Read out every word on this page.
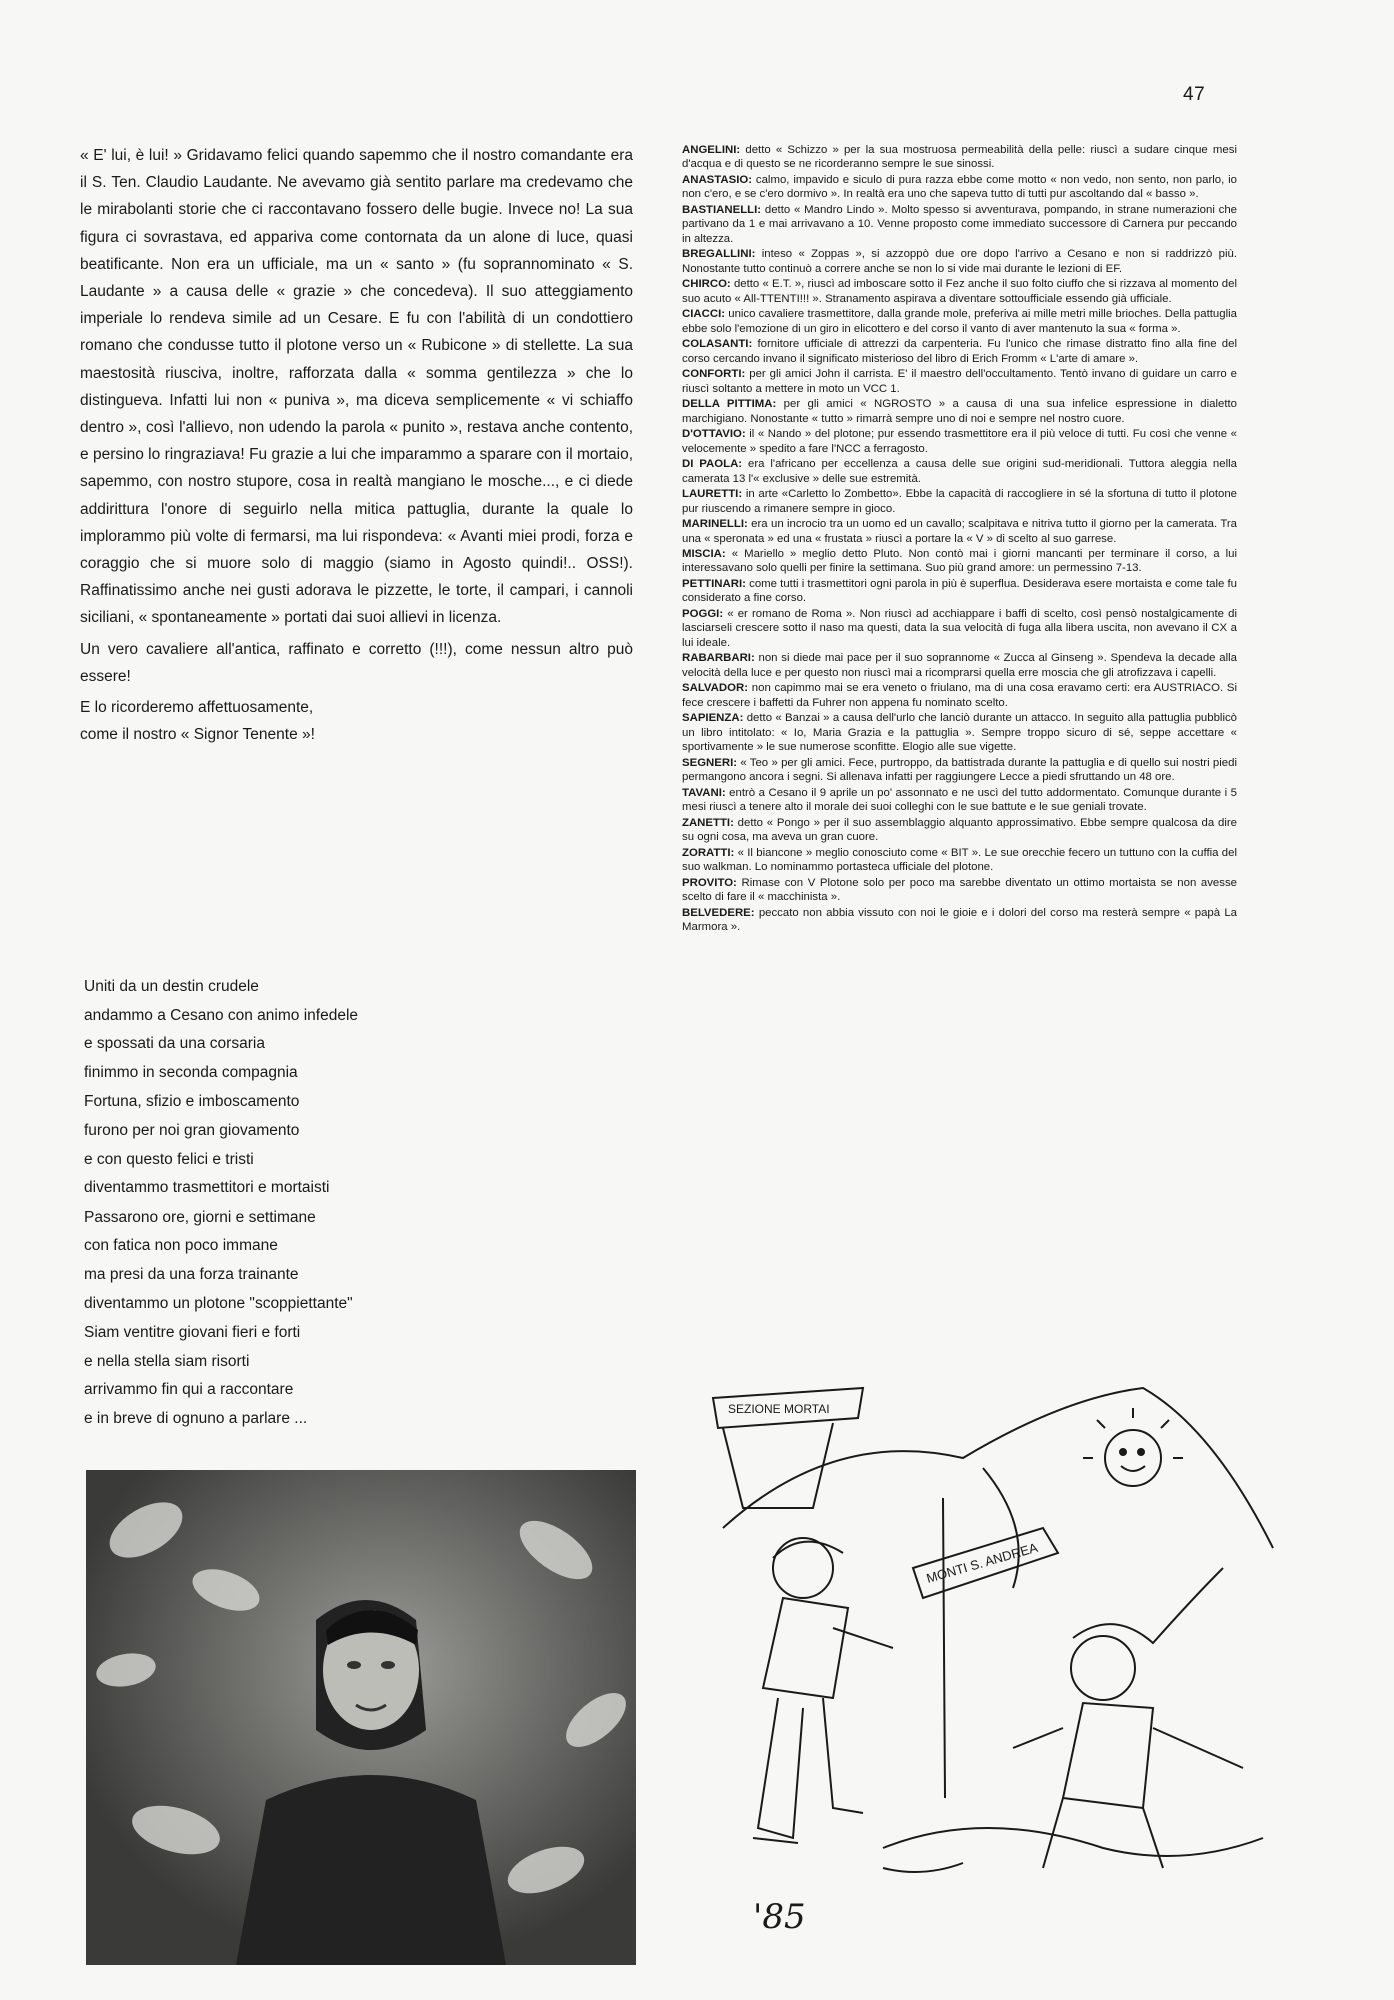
47

« E' lui, è lui! » Gridavamo felici quando sapemmo che il nostro comandante era il S. Ten. Claudio Laudante. Ne avevamo già sentito parlare ma credevamo che le mirabolanti storie che ci raccontavano fossero delle bugie. Invece no! La sua figura ci sovrastava, ed appariva come contornata da un alone di luce, quasi beatificante. Non era un ufficiale, ma un « santo » (fu soprannominato « S. Laudante » a causa delle « grazie » che concedeva). Il suo atteggiamento imperiale lo rendeva simile ad un Cesare. E fu con l'abilità di un condottiero romano che condusse tutto il plotone verso un « Rubicone » di stellette. La sua maestosità riusciva, inoltre, rafforzata dalla « somma gentilezza » che lo distingueva. Infatti lui non « puniva », ma diceva semplicemente « vi schiaffo dentro », così l'allievo, non udendo la parola « punito », restava anche contento, e persino lo ringraziava! Fu grazie a lui che imparammo a sparare con il mortaio, sapemmo, con nostro stupore, cosa in realtà mangiano le mosche..., e ci diede addirittura l'onore di seguirlo nella mitica pattuglia, durante la quale lo implorammo più volte di fermarsi, ma lui rispondeva: « Avanti miei prodi, forza e coraggio che si muore solo di maggio (siamo in Agosto quindi!.. OSS!). Raffinatissimo anche nei gusti adorava le pizzette, le torte, il campari, i cannoli siciliani, « spontaneamente » portati dai suoi allievi in licenza.

Un vero cavaliere all'antica, raffinato e corretto (!!!), come nessun altro può essere!

E lo ricorderemo affettuosamente,

come il nostro « Signor Tenente »!

Uniti da un destin crudele
andammo a Cesano con animo infedele
e spossati da una corsaria
finimmo in seconda compagnia
Fortuna, sfizio e imboscamento
furono per noi gran giovamento
e con questo felici e tristi
diventammo trasmettitori e mortaisti
Passarono ore, giorni e settimane
con fatica non poco immane
ma presi da una forza trainante
diventammo un plotone "scoppiettante"
Siam ventitre giovani fieri e forti
e nella stella siam risorti
arrivammo fin qui a raccontare
e in breve di ognuno a parlare ...
ANGELINI: detto « Schizzo » per la sua mostruosa permeabilità della pelle: riuscì a sudare cinque mesi d'acqua e di questo se ne ricorderanno sempre le sue sinossi.
ANASTASIO: calmo, impavido e siculo di pura razza ebbe come motto « non vedo, non sento, non parlo, io non c'ero, e se c'ero dormivo ». In realtà era uno che sapeva tutto di tutti pur ascoltando dal « basso ».
BASTIANELLI: detto « Mandro Lindo ». Molto spesso si avventurava, pompando, in strane numerazioni che partivano da 1 e mai arrivavano a 10. Venne proposto come immediato successore di Carnera pur peccando in altezza.
BREGALLINI: inteso « Zoppas », si azzoppò due ore dopo l'arrivo a Cesano e non si raddrizzò più. Nonostante tutto continuò a correre anche se non lo si vide mai durante le lezioni di EF.
CHIRCO: detto « E.T. », riuscì ad imboscare sotto il Fez anche il suo folto ciuffo che si rizzava al momento del suo acuto « All-TTENTI!!! ». Stranamento aspirava a diventare sottoufficiale essendo già ufficiale.
CIACCI: unico cavaliere trasmettitore, dalla grande mole, preferiva ai mille metri mille brioches. Della pattuglia ebbe solo l'emozione di un giro in elicottero e del corso il vanto di aver mantenuto la sua « forma ».
COLASANTI: fornitore ufficiale di attrezzi da carpenteria. Fu l'unico che rimase distratto fino alla fine del corso cercando invano il significato misterioso del libro di Erich Fromm « L'arte di amare ».
CONFORTI: per gli amici John il carrista. E' il maestro dell'occultamento. Tentò invano di guidare un carro e riuscì soltanto a mettere in moto un VCC 1.
DELLA PITTIMA: per gli amici « NGROSTO » a causa di una sua infelice espressione in dialetto marchigiano. Nonostante « tutto » rimarrà sempre uno di noi e sempre nel nostro cuore.
D'OTTAVIO: il « Nando » del plotone; pur essendo trasmettitore era il più veloce di tutti. Fu così che venne « velocemente » spedito a fare l'NCC a ferragosto.
DI PAOLA: era l'africano per eccellenza a causa delle sue origini sud-meridionali. Tuttora aleggia nella camerata 13 l'« exclusive » delle sue estremità.
LAURETTI: in arte «Carletto lo Zombetto». Ebbe la capacità di raccogliere in sé la sfortuna di tutto il plotone pur riuscendo a rimanere sempre in gioco.
MARINELLI: era un incrocio tra un uomo ed un cavallo; scalpitava e nitriva tutto il giorno per la camerata. Tra una « speronata » ed una « frustata » riuscì a portare la « V » di scelto al suo garrese.
MISCIA: « Mariello » meglio detto Pluto. Non contò mai i giorni mancanti per terminare il corso, a lui interessavano solo quelli per finire la settimana. Suo più grand amore: un permessino 7-13.
PETTINARI: come tutti i trasmettitori ogni parola in più è superflua. Desiderava esere mortaista e come tale fu considerato a fine corso.
POGGI: « er romano de Roma ». Non riuscì ad acchiappare i baffi di scelto, così pensò nostalgicamente di lasciarseli crescere sotto il naso ma questi, data la sua velocità di fuga alla libera uscita, non avevano il CX a lui ideale.
RABARBARI: non si diede mai pace per il suo soprannome « Zucca al Ginseng ». Spendeva la decade alla velocità della luce e per questo non riuscì mai a ricomprarsi quella erre moscia che gli atrofizzava i capelli.
SALVADOR: non capimmo mai se era veneto o friulano, ma di una cosa eravamo certi: era AUSTRIACO. Si fece crescere i baffetti da Fuhrer non appena fu nominato scelto.
SAPIENZA: detto « Banzai » a causa dell'urlo che lanciò durante un attacco. In seguito alla pattuglia pubblicò un libro intitolato: « Io, Maria Grazia e la pattuglia ». Sempre troppo sicuro di sé, seppe accettare « sportivamente » le sue numerose sconfitte. Elogio alle sue vigette.
SEGNERI: « Teo » per gli amici. Fece, purtroppo, da battistrada durante la pattuglia e di quello sui nostri piedi permangono ancora i segni. Si allenava infatti per raggiungere Lecce a piedi sfruttando un 48 ore.
TAVANI: entrò a Cesano il 9 aprile un po' assonnato e ne uscì del tutto addormentato. Comunque durante i 5 mesi riuscì a tenere alto il morale dei suoi colleghi con le sue battute e le sue geniali trovate.
ZANETTI: detto « Pongo » per il suo assemblaggio alquanto approssimativo. Ebbe sempre qualcosa da dire su ogni cosa, ma aveva un gran cuore.
ZORATTI: « Il biancone » meglio conosciuto come « BIT ». Le sue orecchie fecero un tuttuno con la cuffia del suo walkman. Lo nominammo portasteca ufficiale del plotone.
PROVITO: Rimase con V Plotone solo per poco ma sarebbe diventato un ottimo mortaista se non avesse scelto di fare il « macchinista ».
BELVEDERE: peccato non abbia vissuto con noi le gioie e i dolori del corso ma resterà sempre « papà La Marmora ».
SEZIONE MORTAI
MONTI S. ANDREA
'85
